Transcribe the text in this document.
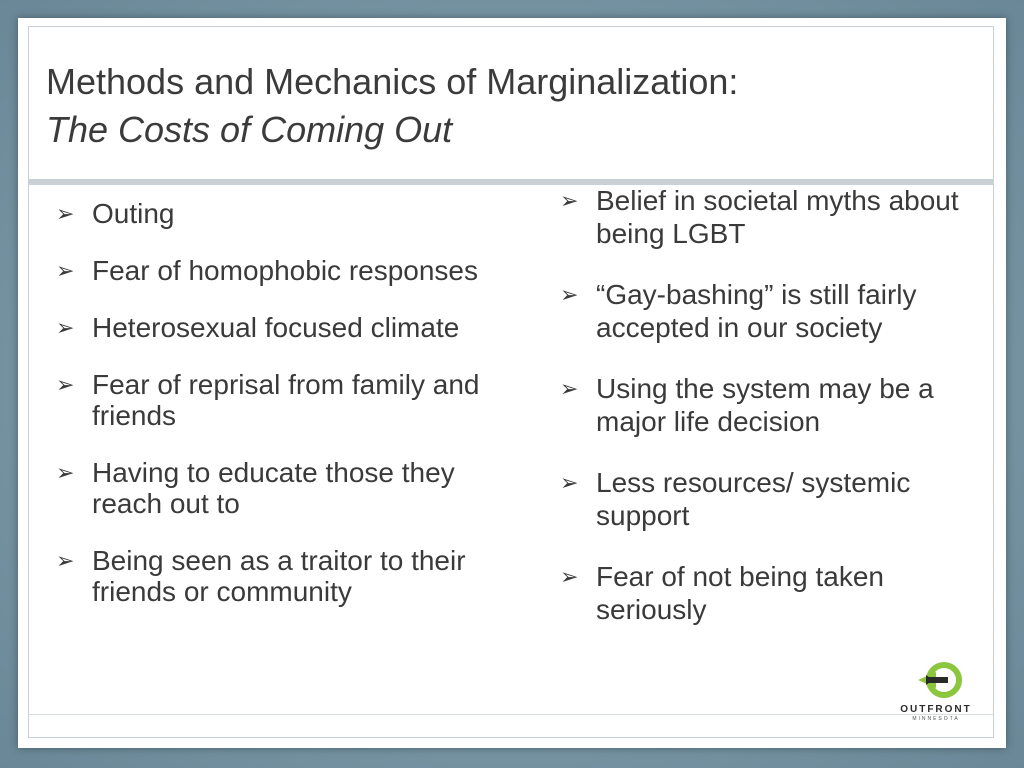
Methods and Mechanics of Marginalization:
The Costs of Coming Out
➢ Outing
➢ Fear of homophobic responses
➢ Heterosexual focused climate
➢ Fear of reprisal from family and friends
➢ Having to educate those they reach out to
➢ Being seen as a traitor to their friends or community
➢ Belief in societal myths about being LGBT
➢ “Gay-bashing” is still fairly accepted in our society
➢ Using the system may be a major life decision
➢ Less resources/ systemic support
➢ Fear of not being taken seriously
OUTFRONT
MINNESOTA
